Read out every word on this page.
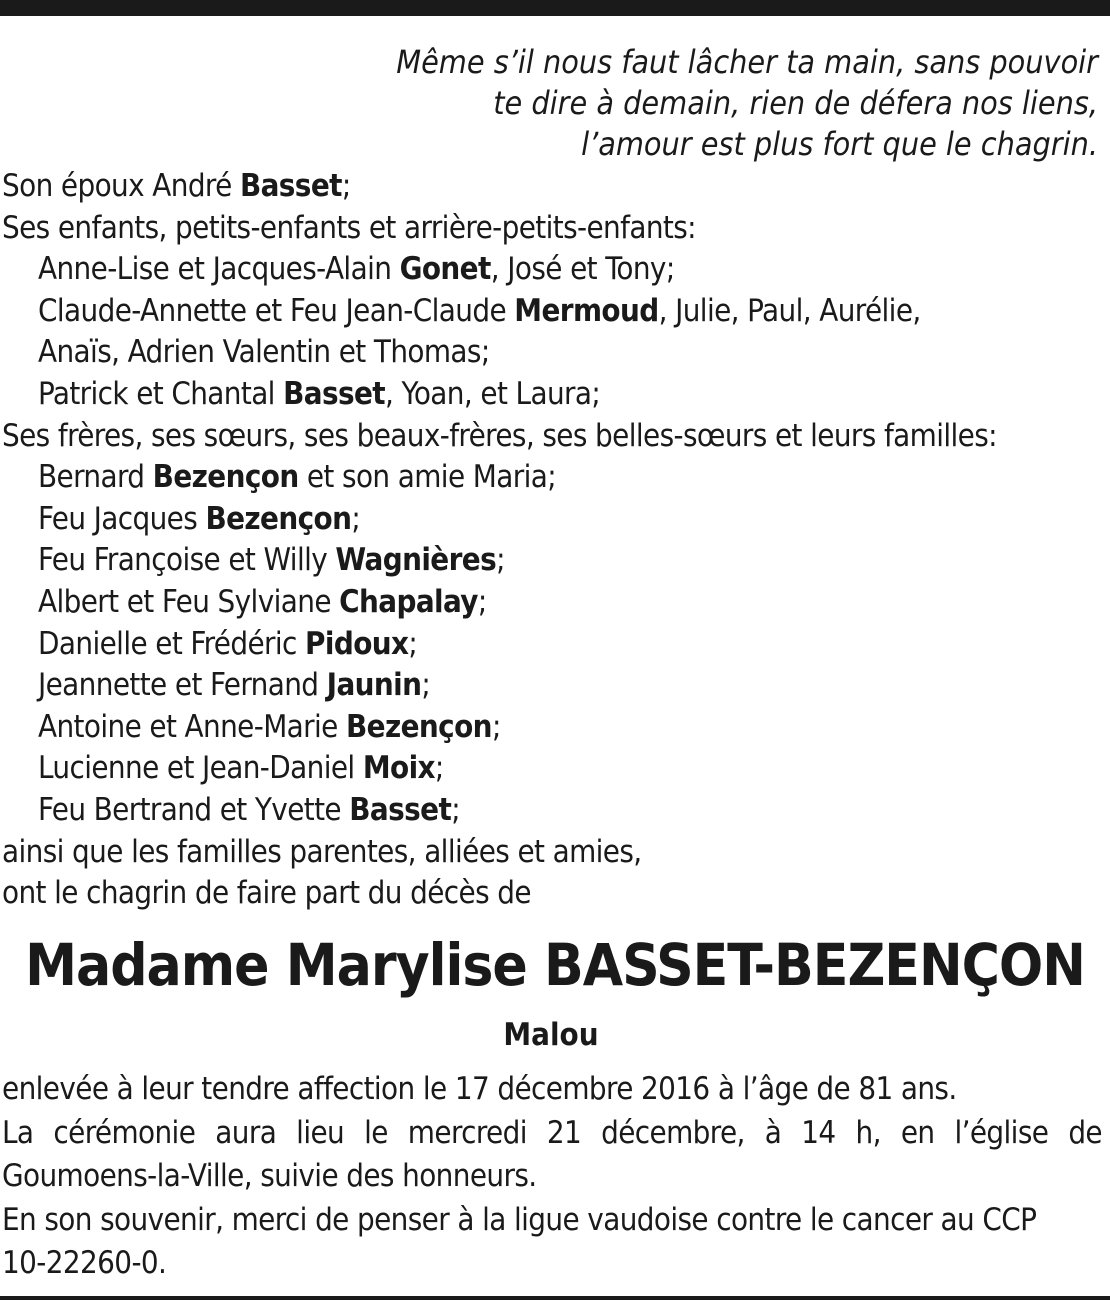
Même s’il nous faut lâcher ta main, sans pouvoir
te dire à demain, rien de défera nos liens,
l’amour est plus fort que le chagrin.
Son époux André Basset;
Ses enfants, petits-enfants et arrière-petits-enfants:
Anne-Lise et Jacques-Alain Gonet, José et Tony;
Claude-Annette et Feu Jean-Claude Mermoud, Julie, Paul, Aurélie,
Anaïs, Adrien Valentin et Thomas;
Patrick et Chantal Basset, Yoan, et Laura;
Ses frères, ses sœurs, ses beaux-frères, ses belles-sœurs et leurs familles:
Bernard Bezençon et son amie Maria;
Feu Jacques Bezençon;
Feu Françoise et Willy Wagnières;
Albert et Feu Sylviane Chapalay;
Danielle et Frédéric Pidoux;
Jeannette et Fernand Jaunin;
Antoine et Anne-Marie Bezençon;
Lucienne et Jean-Daniel Moix;
Feu Bertrand et Yvette Basset;
ainsi que les familles parentes, alliées et amies,
ont le chagrin de faire part du décès de
Madame Marylise BASSET-BEZENÇON
Malou
enlevée à leur tendre affection le 17 décembre 2016 à l’âge de 81 ans.
La cérémonie aura lieu le mercredi 21 décembre, à 14 h, en l’église de
Goumoens-la-Ville, suivie des honneurs.
En son souvenir, merci de penser à la ligue vaudoise contre le cancer au CCP
10-22260-0.
